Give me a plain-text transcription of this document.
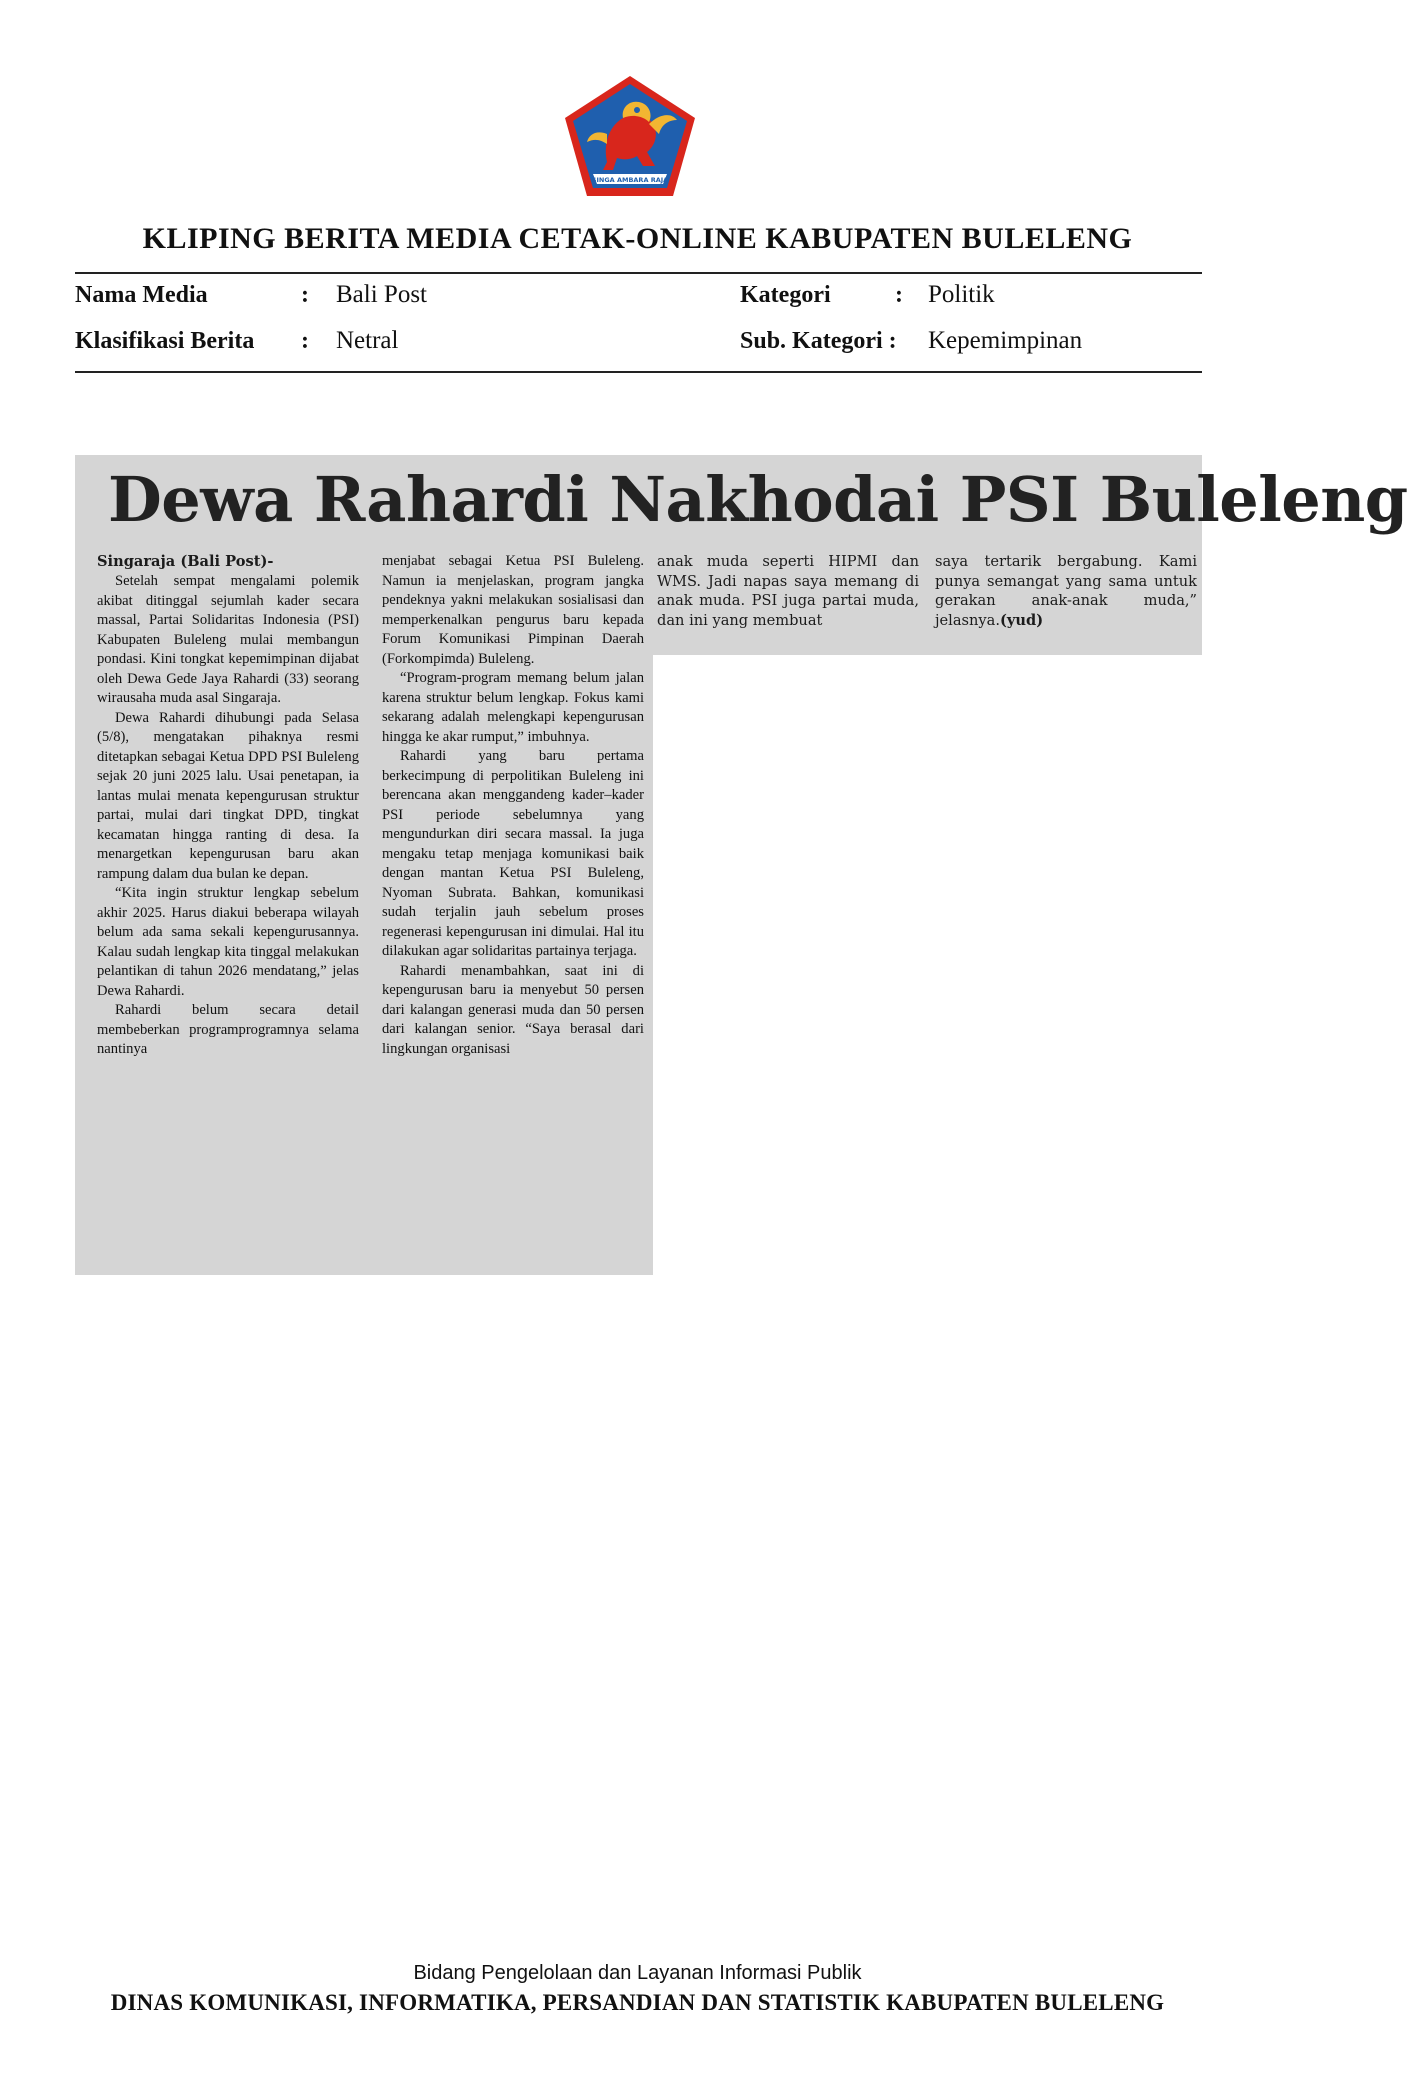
SINGA AMBARA RAJA
KLIPING BERITA MEDIA CETAK-ONLINE KABUPATEN BULELENG
Nama Media	: Bali Post	Kategori	: Politik
Klasifikasi Berita : Netral	Sub. Kategori : Kepemimpinan
Dewa Rahardi Nakhodai PSI Buleleng

Singaraja (Bali Post)-	anak muda seperti HIPMI dan WMS. Jadi napas saya memang di anak muda. PSI juga partai muda, dan ini yang membuat

saya tertarik bergabung. Kami punya semangat yang sama untuk gerakan anak-anak muda,” jelasnya.(yud)

Setelah sempat mengalami polemik akibat ditinggal sejumlah kader secara massal, Partai Solidaritas Indonesia (PSI) Kabupaten Buleleng mulai membangun pondasi. Kini tongkat kepemimpinan dijabat oleh Dewa Gede Jaya Rahardi (33) seorang wirausaha muda asal Singaraja.

Dewa Rahardi dihubungi pada Selasa (5/8), mengatakan pihaknya resmi ditetapkan sebagai Ketua DPD PSI Buleleng sejak 20 juni 2025 lalu. Usai penetapan, ia lantas mulai menata kepengurusan struktur partai, mulai dari tingkat DPD, tingkat kecamatan hingga ranting di desa. Ia menargetkan kepengurusan baru akan rampung dalam dua bulan ke depan.

“Kita ingin struktur lengkap sebelum akhir 2025. Harus diakui beberapa wilayah belum ada sama sekali kepengurusannya. Kalau sudah lengkap kita tinggal melakukan pelantikan di tahun 2026 mendatang,” jelas Dewa Rahardi.

Rahardi belum secara detail membeberkan programprogramnya selama nantinya

menjabat sebagai Ketua PSI Buleleng. Namun ia menjelaskan, program jangka pendeknya yakni melakukan sosialisasi dan memperkenalkan pengurus baru kepada Forum Komunikasi Pimpinan Daerah (Forkompimda) Buleleng.

“Program-program memang belum jalan karena struktur belum lengkap. Fokus kami sekarang adalah melengkapi kepengurusan hingga ke akar rumput,” imbuhnya.

Rahardi yang baru pertama berkecimpung di perpolitikan Buleleng ini berencana akan menggandeng kader–kader PSI periode sebelumnya yang mengundurkan diri secara massal. Ia juga mengaku tetap menjaga komunikasi baik dengan mantan Ketua PSI Buleleng, Nyoman Subrata. Bahkan, komunikasi sudah terjalin jauh sebelum proses regenerasi kepengurusan ini dimulai. Hal itu dilakukan agar solidaritas partainya terjaga.

Rahardi menambahkan, saat ini di kepengurusan baru ia menyebut 50 persen dari kalangan generasi muda dan 50 persen dari kalangan senior. “Saya berasal dari lingkungan organisasi

Bidang Pengelolaan dan Layanan Informasi Publik
DINAS KOMUNIKASI, INFORMATIKA, PERSANDIAN DAN STATISTIK KABUPATEN BULELENG
